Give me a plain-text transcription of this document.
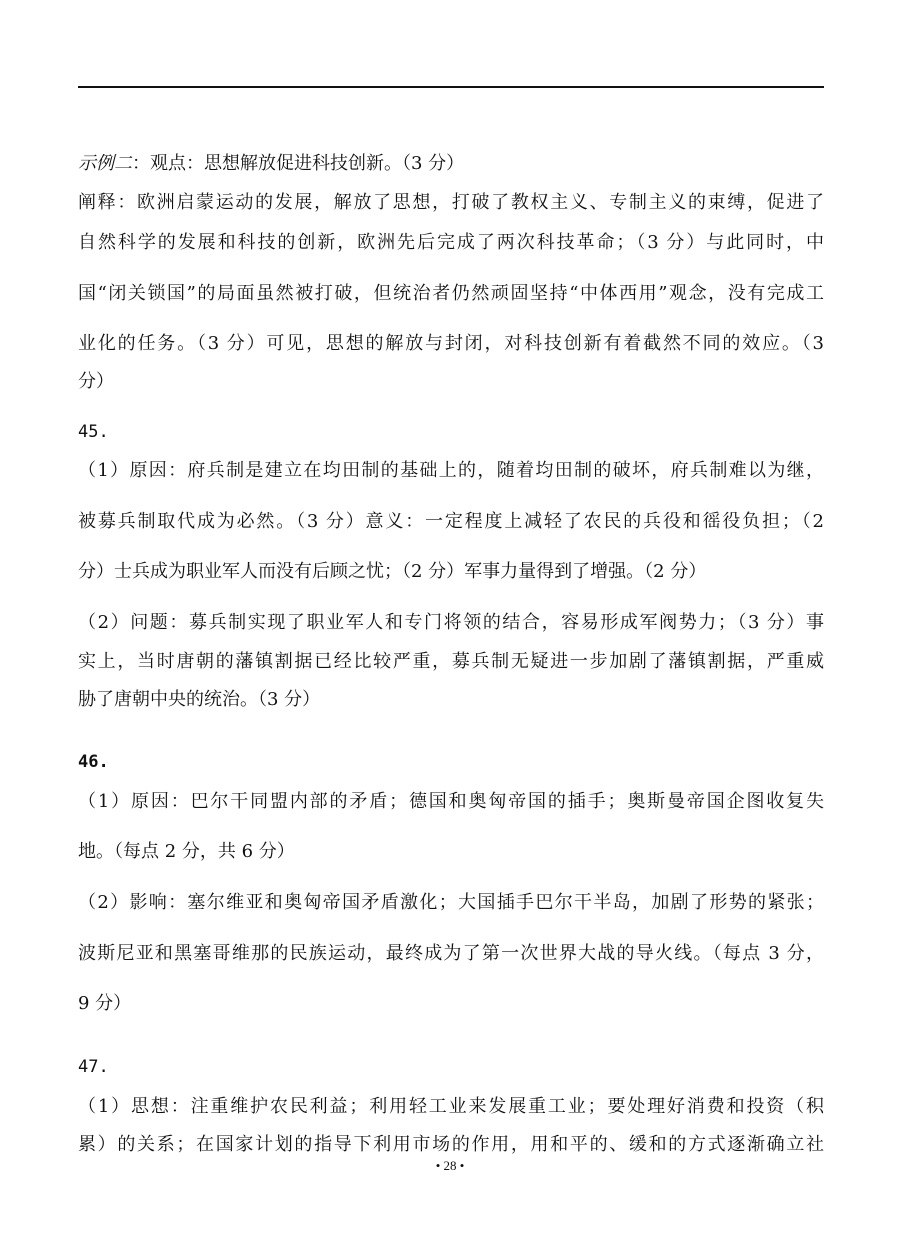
示例二：观点：思想解放促进科技创新。（3 分）
阐释：欧洲启蒙运动的发展，解放了思想，打破了教权主义、专制主义的束缚，促进了
自然科学的发展和科技的创新，欧洲先后完成了两次科技革命；（3 分）与此同时，中
国“闭关锁国”的局面虽然被打破，但统治者仍然顽固坚持“中体西用”观念，没有完成工
业化的任务。（3 分）可见，思想的解放与封闭，对科技创新有着截然不同的效应。（3
分）
45.
（1）原因：府兵制是建立在均田制的基础上的，随着均田制的破坏，府兵制难以为继，
被募兵制取代成为必然。（3 分）意义：一定程度上减轻了农民的兵役和徭役负担；（2
分）士兵成为职业军人而没有后顾之忧；（2 分）军事力量得到了增强。（2 分）
（2）问题：募兵制实现了职业军人和专门将领的结合，容易形成军阀势力；（3 分）事
实上，当时唐朝的藩镇割据已经比较严重，募兵制无疑进一步加剧了藩镇割据，严重威
胁了唐朝中央的统治。（3 分）
46.
（1）原因：巴尔干同盟内部的矛盾；德国和奥匈帝国的插手；奥斯曼帝国企图收复失
地。（每点 2 分，共 6 分）
（2）影响：塞尔维亚和奥匈帝国矛盾激化；大国插手巴尔干半岛，加剧了形势的紧张；
波斯尼亚和黑塞哥维那的民族运动，最终成为了第一次世界大战的导火线。（每点 3 分，
9 分）
47.
（1）思想：注重维护农民利益；利用轻工业来发展重工业；要处理好消费和投资（积
累）的关系；在国家计划的指导下利用市场的作用，用和平的、缓和的方式逐渐确立社
• 28 •
